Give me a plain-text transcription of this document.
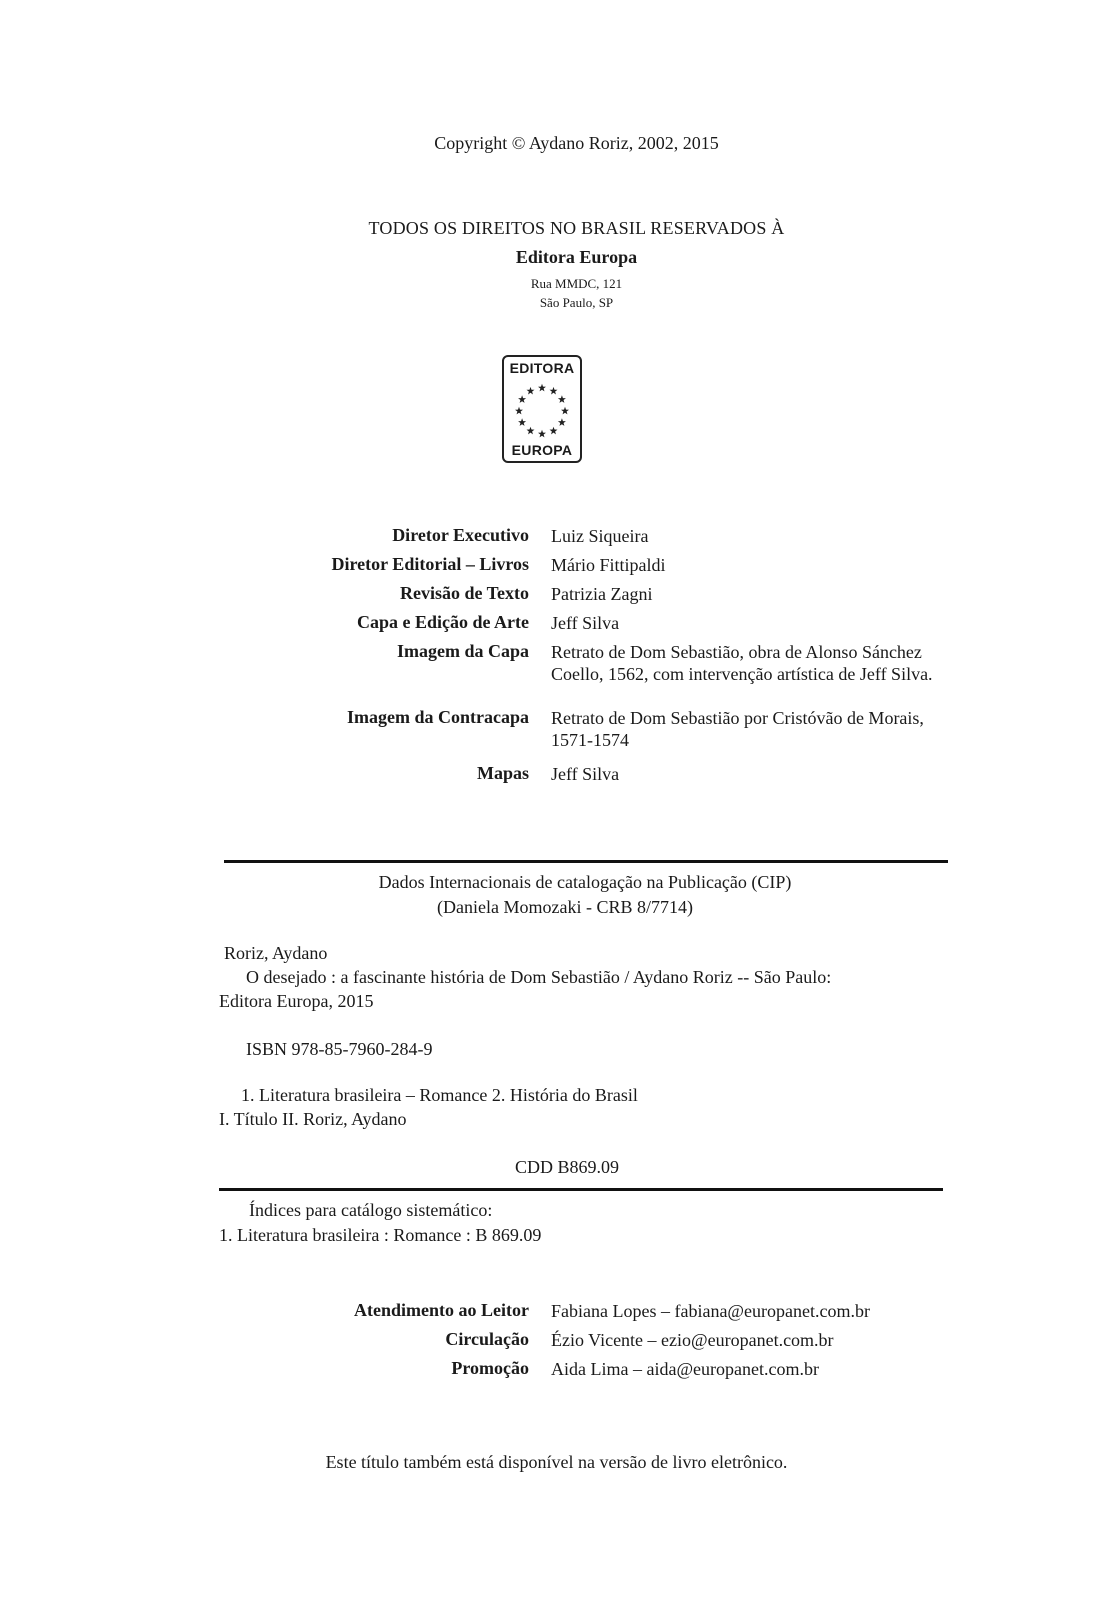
Copyright © Aydano Roriz, 2002, 2015
TODOS OS DIREITOS NO BRASIL RESERVADOS À
Editora Europa
Rua MMDC, 121
São Paulo, SP
EDITORA
EUROPA
Diretor Executivo Luiz Siqueira
Diretor Editorial – Livros Mário Fittipaldi
Revisão de Texto Patrizia Zagni
Capa e Edição de Arte Jeff Silva
Imagem da Capa Retrato de Dom Sebastião, obra de Alonso Sánchez Coello, 1562, com intervenção artística de Jeff Silva.
Imagem da Contracapa Retrato de Dom Sebastião por Cristóvão de Morais, 1571-1574
Mapas Jeff Silva
Dados Internacionais de catalogação na Publicação (CIP)
(Daniela Momozaki - CRB 8/7714)
Roriz, Aydano
O desejado : a fascinante história de Dom Sebastião / Aydano Roriz -- São Paulo:
Editora Europa, 2015
ISBN 978-85-7960-284-9
1. Literatura brasileira – Romance 2. História do Brasil
I. Título II. Roriz, Aydano
CDD B869.09
Índices para catálogo sistemático:
1. Literatura brasileira : Romance : B 869.09
Atendimento ao Leitor Fabiana Lopes – fabiana@europanet.com.br
Circulação Ézio Vicente – ezio@europanet.com.br
Promoção Aida Lima – aida@europanet.com.br
Este título também está disponível na versão de livro eletrônico.
